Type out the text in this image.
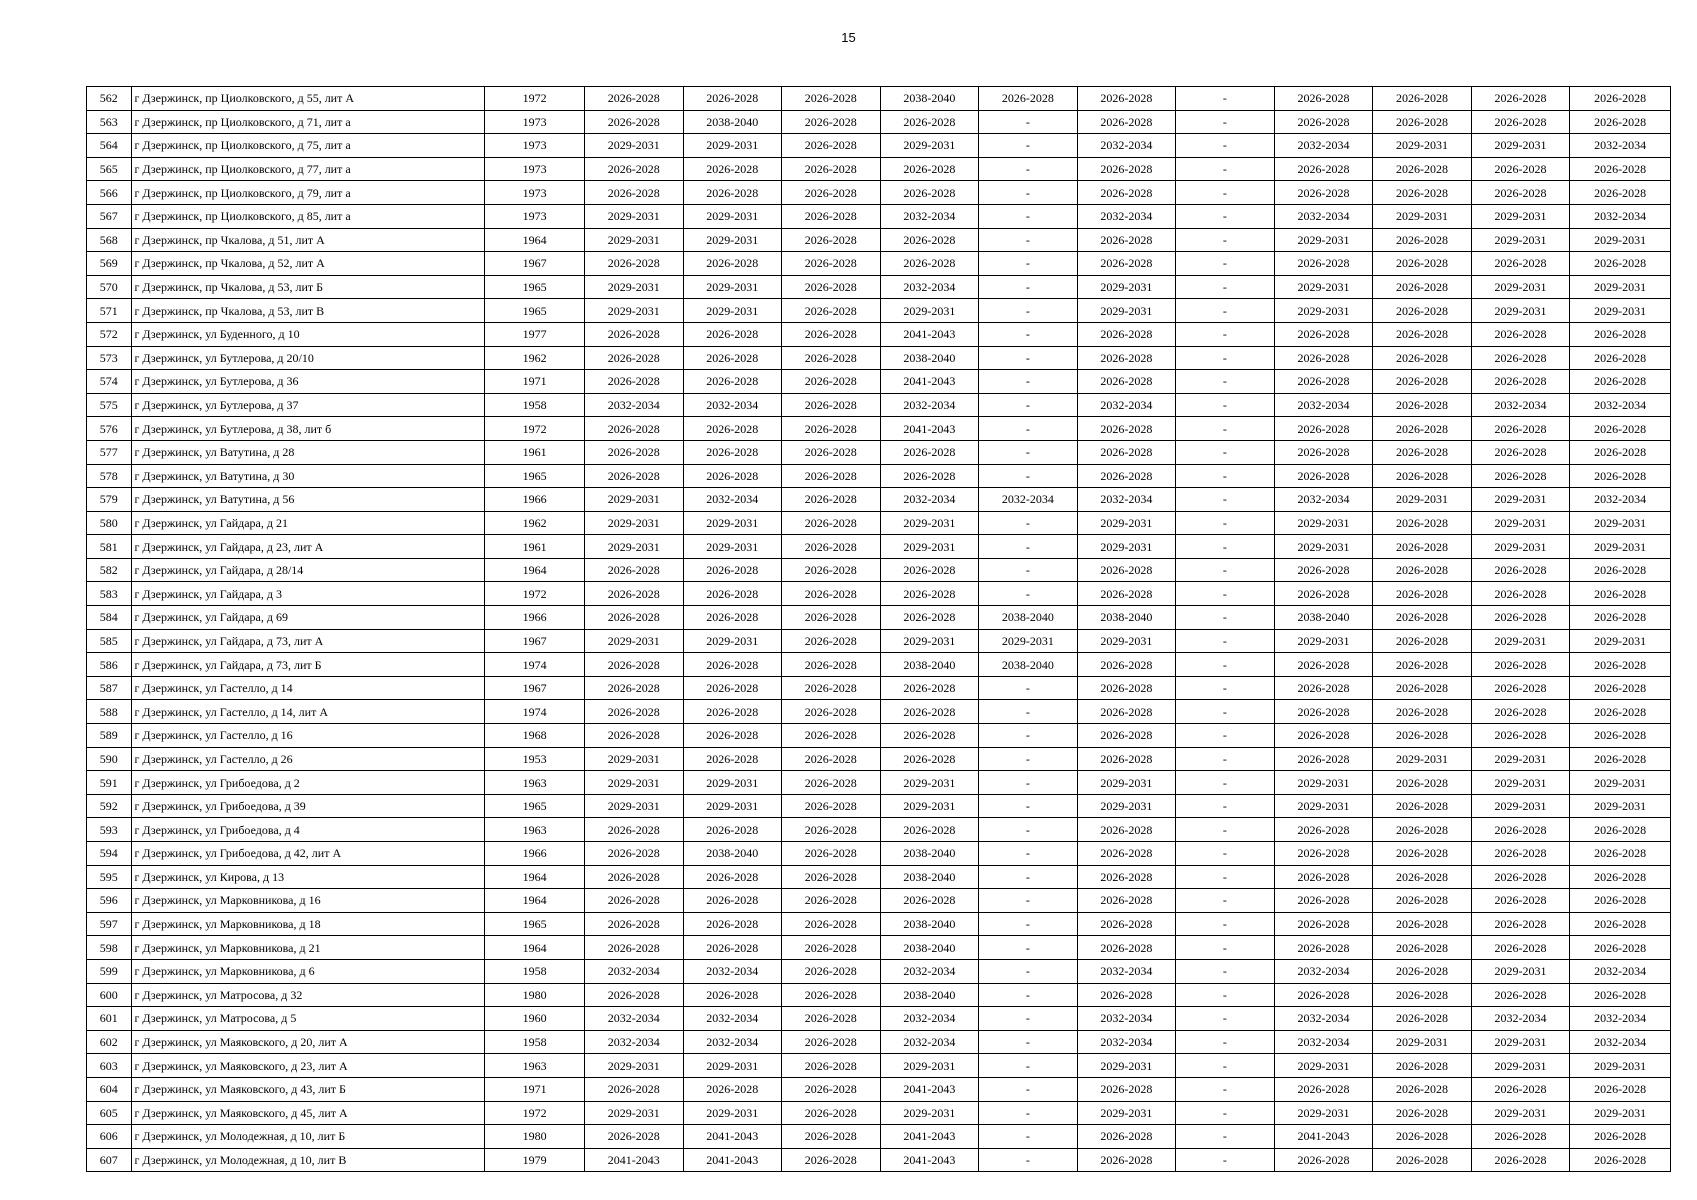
15
562	г Дзержинск, пр Циолковского, д 55, лит А	1972	2026-2028	2026-2028	2026-2028	2038-2040	2026-2028	2026-2028	-	2026-2028	2026-2028	2026-2028	2026-2028
563	г Дзержинск, пр Циолковского, д 71, лит а	1973	2026-2028	2038-2040	2026-2028	2026-2028	-	2026-2028	-	2026-2028	2026-2028	2026-2028	2026-2028
564	г Дзержинск, пр Циолковского, д 75, лит а	1973	2029-2031	2029-2031	2026-2028	2029-2031	-	2032-2034	-	2032-2034	2029-2031	2029-2031	2032-2034
565	г Дзержинск, пр Циолковского, д 77, лит а	1973	2026-2028	2026-2028	2026-2028	2026-2028	-	2026-2028	-	2026-2028	2026-2028	2026-2028	2026-2028
566	г Дзержинск, пр Циолковского, д 79, лит а	1973	2026-2028	2026-2028	2026-2028	2026-2028	-	2026-2028	-	2026-2028	2026-2028	2026-2028	2026-2028
567	г Дзержинск, пр Циолковского, д 85, лит а	1973	2029-2031	2029-2031	2026-2028	2032-2034	-	2032-2034	-	2032-2034	2029-2031	2029-2031	2032-2034
568	г Дзержинск, пр Чкалова, д 51, лит А	1964	2029-2031	2029-2031	2026-2028	2026-2028	-	2026-2028	-	2029-2031	2026-2028	2029-2031	2029-2031
569	г Дзержинск, пр Чкалова, д 52, лит А	1967	2026-2028	2026-2028	2026-2028	2026-2028	-	2026-2028	-	2026-2028	2026-2028	2026-2028	2026-2028
570	г Дзержинск, пр Чкалова, д 53, лит Б	1965	2029-2031	2029-2031	2026-2028	2032-2034	-	2029-2031	-	2029-2031	2026-2028	2029-2031	2029-2031
571	г Дзержинск, пр Чкалова, д 53, лит В	1965	2029-2031	2029-2031	2026-2028	2029-2031	-	2029-2031	-	2029-2031	2026-2028	2029-2031	2029-2031
572	г Дзержинск, ул Буденного, д 10	1977	2026-2028	2026-2028	2026-2028	2041-2043	-	2026-2028	-	2026-2028	2026-2028	2026-2028	2026-2028
573	г Дзержинск, ул Бутлерова, д 20/10	1962	2026-2028	2026-2028	2026-2028	2038-2040	-	2026-2028	-	2026-2028	2026-2028	2026-2028	2026-2028
574	г Дзержинск, ул Бутлерова, д 36	1971	2026-2028	2026-2028	2026-2028	2041-2043	-	2026-2028	-	2026-2028	2026-2028	2026-2028	2026-2028
575	г Дзержинск, ул Бутлерова, д 37	1958	2032-2034	2032-2034	2026-2028	2032-2034	-	2032-2034	-	2032-2034	2026-2028	2032-2034	2032-2034
576	г Дзержинск, ул Бутлерова, д 38, лит б	1972	2026-2028	2026-2028	2026-2028	2041-2043	-	2026-2028	-	2026-2028	2026-2028	2026-2028	2026-2028
577	г Дзержинск, ул Ватутина, д 28	1961	2026-2028	2026-2028	2026-2028	2026-2028	-	2026-2028	-	2026-2028	2026-2028	2026-2028	2026-2028
578	г Дзержинск, ул Ватутина, д 30	1965	2026-2028	2026-2028	2026-2028	2026-2028	-	2026-2028	-	2026-2028	2026-2028	2026-2028	2026-2028
579	г Дзержинск, ул Ватутина, д 56	1966	2029-2031	2032-2034	2026-2028	2032-2034	2032-2034	2032-2034	-	2032-2034	2029-2031	2029-2031	2032-2034
580	г Дзержинск, ул Гайдара, д 21	1962	2029-2031	2029-2031	2026-2028	2029-2031	-	2029-2031	-	2029-2031	2026-2028	2029-2031	2029-2031
581	г Дзержинск, ул Гайдара, д 23, лит А	1961	2029-2031	2029-2031	2026-2028	2029-2031	-	2029-2031	-	2029-2031	2026-2028	2029-2031	2029-2031
582	г Дзержинск, ул Гайдара, д 28/14	1964	2026-2028	2026-2028	2026-2028	2026-2028	-	2026-2028	-	2026-2028	2026-2028	2026-2028	2026-2028
583	г Дзержинск, ул Гайдара, д 3	1972	2026-2028	2026-2028	2026-2028	2026-2028	-	2026-2028	-	2026-2028	2026-2028	2026-2028	2026-2028
584	г Дзержинск, ул Гайдара, д 69	1966	2026-2028	2026-2028	2026-2028	2026-2028	2038-2040	2038-2040	-	2038-2040	2026-2028	2026-2028	2026-2028
585	г Дзержинск, ул Гайдара, д 73, лит А	1967	2029-2031	2029-2031	2026-2028	2029-2031	2029-2031	2029-2031	-	2029-2031	2026-2028	2029-2031	2029-2031
586	г Дзержинск, ул Гайдара, д 73, лит Б	1974	2026-2028	2026-2028	2026-2028	2038-2040	2038-2040	2026-2028	-	2026-2028	2026-2028	2026-2028	2026-2028
587	г Дзержинск, ул Гастелло, д 14	1967	2026-2028	2026-2028	2026-2028	2026-2028	-	2026-2028	-	2026-2028	2026-2028	2026-2028	2026-2028
588	г Дзержинск, ул Гастелло, д 14, лит А	1974	2026-2028	2026-2028	2026-2028	2026-2028	-	2026-2028	-	2026-2028	2026-2028	2026-2028	2026-2028
589	г Дзержинск, ул Гастелло, д 16	1968	2026-2028	2026-2028	2026-2028	2026-2028	-	2026-2028	-	2026-2028	2026-2028	2026-2028	2026-2028
590	г Дзержинск, ул Гастелло, д 26	1953	2029-2031	2026-2028	2026-2028	2026-2028	-	2026-2028	-	2026-2028	2029-2031	2029-2031	2026-2028
591	г Дзержинск, ул Грибоедова, д 2	1963	2029-2031	2029-2031	2026-2028	2029-2031	-	2029-2031	-	2029-2031	2026-2028	2029-2031	2029-2031
592	г Дзержинск, ул Грибоедова, д 39	1965	2029-2031	2029-2031	2026-2028	2029-2031	-	2029-2031	-	2029-2031	2026-2028	2029-2031	2029-2031
593	г Дзержинск, ул Грибоедова, д 4	1963	2026-2028	2026-2028	2026-2028	2026-2028	-	2026-2028	-	2026-2028	2026-2028	2026-2028	2026-2028
594	г Дзержинск, ул Грибоедова, д 42, лит А	1966	2026-2028	2038-2040	2026-2028	2038-2040	-	2026-2028	-	2026-2028	2026-2028	2026-2028	2026-2028
595	г Дзержинск, ул Кирова, д 13	1964	2026-2028	2026-2028	2026-2028	2038-2040	-	2026-2028	-	2026-2028	2026-2028	2026-2028	2026-2028
596	г Дзержинск, ул Марковникова, д 16	1964	2026-2028	2026-2028	2026-2028	2026-2028	-	2026-2028	-	2026-2028	2026-2028	2026-2028	2026-2028
597	г Дзержинск, ул Марковникова, д 18	1965	2026-2028	2026-2028	2026-2028	2038-2040	-	2026-2028	-	2026-2028	2026-2028	2026-2028	2026-2028
598	г Дзержинск, ул Марковникова, д 21	1964	2026-2028	2026-2028	2026-2028	2038-2040	-	2026-2028	-	2026-2028	2026-2028	2026-2028	2026-2028
599	г Дзержинск, ул Марковникова, д 6	1958	2032-2034	2032-2034	2026-2028	2032-2034	-	2032-2034	-	2032-2034	2026-2028	2029-2031	2032-2034
600	г Дзержинск, ул Матросова, д 32	1980	2026-2028	2026-2028	2026-2028	2038-2040	-	2026-2028	-	2026-2028	2026-2028	2026-2028	2026-2028
601	г Дзержинск, ул Матросова, д 5	1960	2032-2034	2032-2034	2026-2028	2032-2034	-	2032-2034	-	2032-2034	2026-2028	2032-2034	2032-2034
602	г Дзержинск, ул Маяковского, д 20, лит А	1958	2032-2034	2032-2034	2026-2028	2032-2034	-	2032-2034	-	2032-2034	2029-2031	2029-2031	2032-2034
603	г Дзержинск, ул Маяковского, д 23, лит А	1963	2029-2031	2029-2031	2026-2028	2029-2031	-	2029-2031	-	2029-2031	2026-2028	2029-2031	2029-2031
604	г Дзержинск, ул Маяковского, д 43, лит Б	1971	2026-2028	2026-2028	2026-2028	2041-2043	-	2026-2028	-	2026-2028	2026-2028	2026-2028	2026-2028
605	г Дзержинск, ул Маяковского, д 45, лит А	1972	2029-2031	2029-2031	2026-2028	2029-2031	-	2029-2031	-	2029-2031	2026-2028	2029-2031	2029-2031
606	г Дзержинск, ул Молодежная, д 10, лит Б	1980	2026-2028	2041-2043	2026-2028	2041-2043	-	2026-2028	-	2041-2043	2026-2028	2026-2028	2026-2028
607	г Дзержинск, ул Молодежная, д 10, лит В	1979	2041-2043	2041-2043	2026-2028	2041-2043	-	2026-2028	-	2026-2028	2026-2028	2026-2028	2026-2028
